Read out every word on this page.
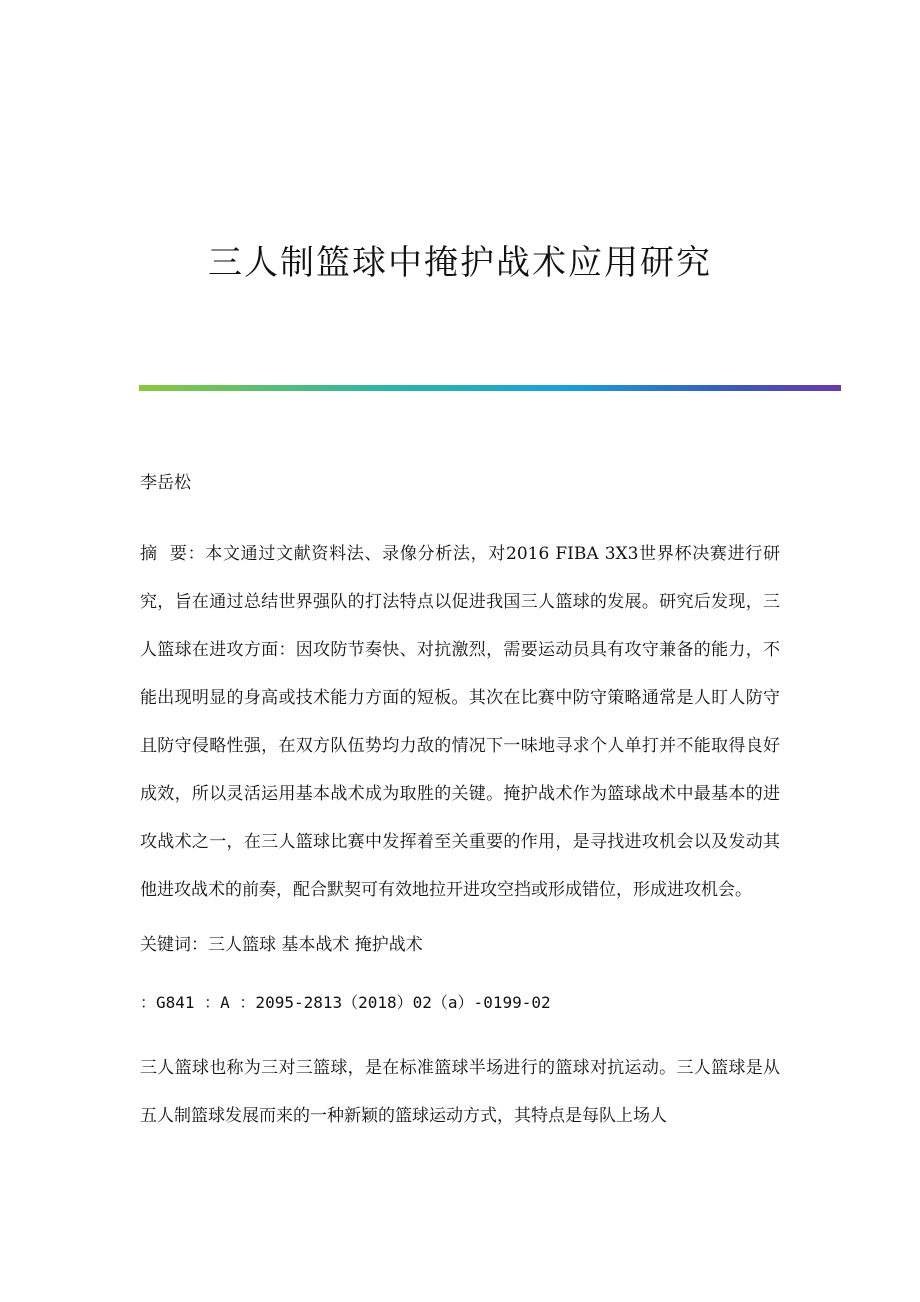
三人制篮球中掩护战术应用研究

李岳松

摘  要：本文通过文献资料法、录像分析法，对2016 FIBA 3X3世界杯决赛进行研究，旨在通过总结世界强队的打法特点以促进我国三人篮球的发展。研究后发现，三人篮球在进攻方面：因攻防节奏快、对抗激烈，需要运动员具有攻守兼备的能力，不能出现明显的身高或技术能力方面的短板。其次在比赛中防守策略通常是人盯人防守且防守侵略性强，在双方队伍势均力敌的情况下一味地寻求个人单打并不能取得良好成效，所以灵活运用基本战术成为取胜的关键。掩护战术作为篮球战术中最基本的进攻战术之一，在三人篮球比赛中发挥着至关重要的作用，是寻找进攻机会以及发动其他进攻战术的前奏，配合默契可有效地拉开进攻空挡或形成错位，形成进攻机会。

关键词：三人篮球 基本战术 掩护战术

：G841 ：A ：2095-2813（2018）02（a）-0199-02

三人篮球也称为三对三篮球，是在标准篮球半场进行的篮球对抗运动。三人篮球是从五人制篮球发展而来的一种新颖的篮球运动方式，其特点是每队上场人
